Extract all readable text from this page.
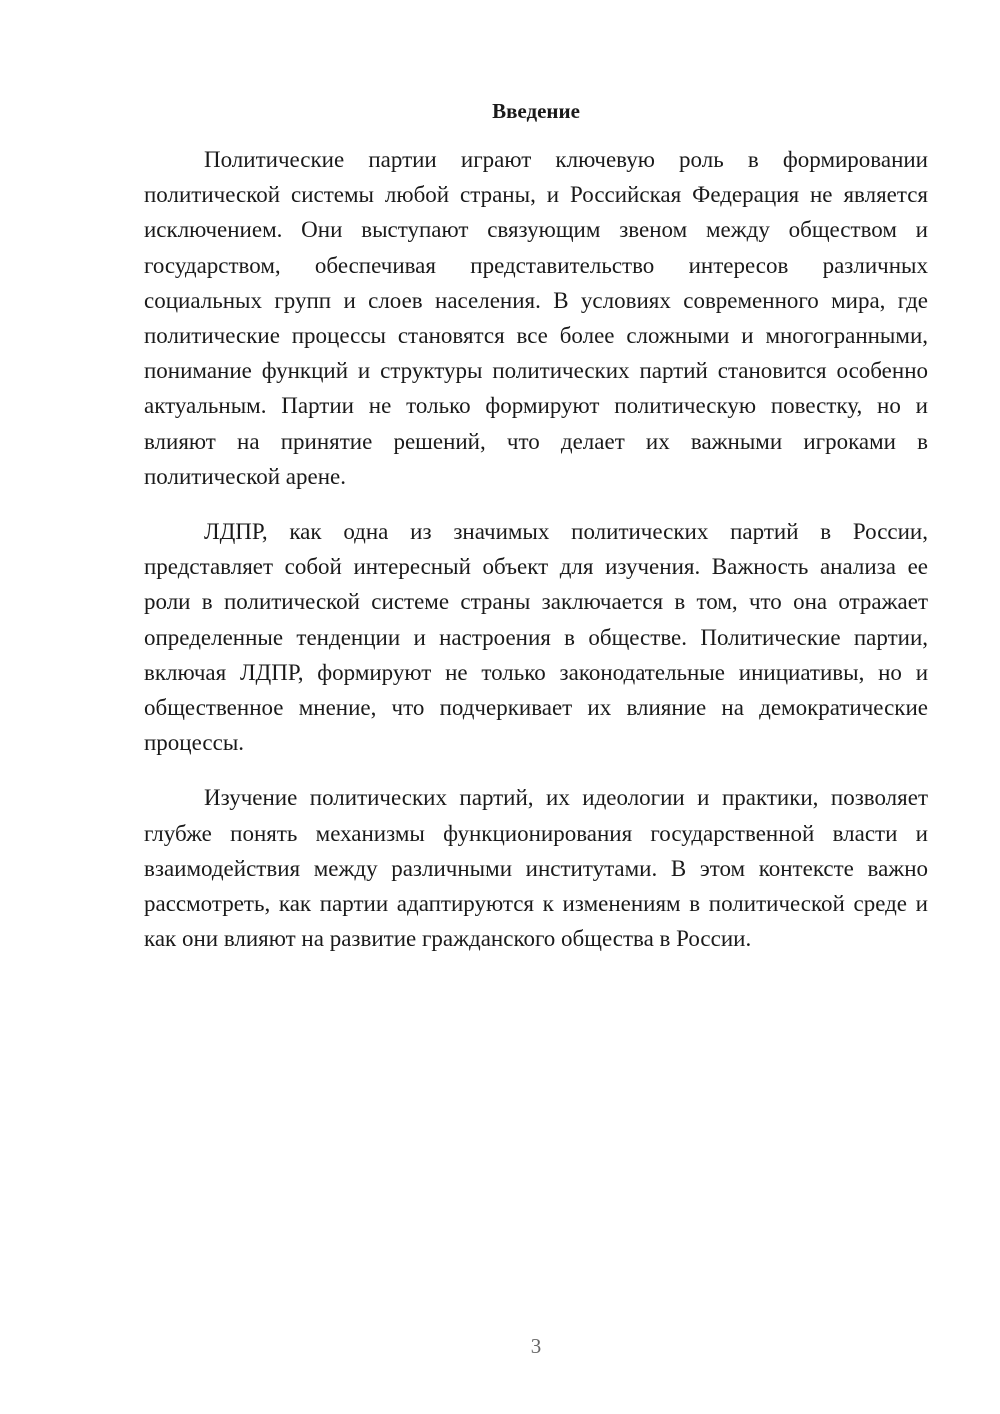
Введение

Политические партии играют ключевую роль в формировании политической системы любой страны, и Российская Федерация не является исключением. Они выступают связующим звеном между обществом и государством, обеспечивая представительство интересов различных социальных групп и слоев населения. В условиях современного мира, где политические процессы становятся все более сложными и многогранными, понимание функций и структуры политических партий становится особенно актуальным. Партии не только формируют политическую повестку, но и влияют на принятие решений, что делает их важными игроками в политической арене.

ЛДПР, как одна из значимых политических партий в России, представляет собой интересный объект для изучения. Важность анализа ее роли в политической системе страны заключается в том, что она отражает определенные тенденции и настроения в обществе. Политические партии, включая ЛДПР, формируют не только законодательные инициативы, но и общественное мнение, что подчеркивает их влияние на демократические процессы.

Изучение политических партий, их идеологии и практики, позволяет глубже понять механизмы функционирования государственной власти и взаимодействия между различными институтами. В этом контексте важно рассмотреть, как партии адаптируются к изменениям в политической среде и как они влияют на развитие гражданского общества в России.

3
